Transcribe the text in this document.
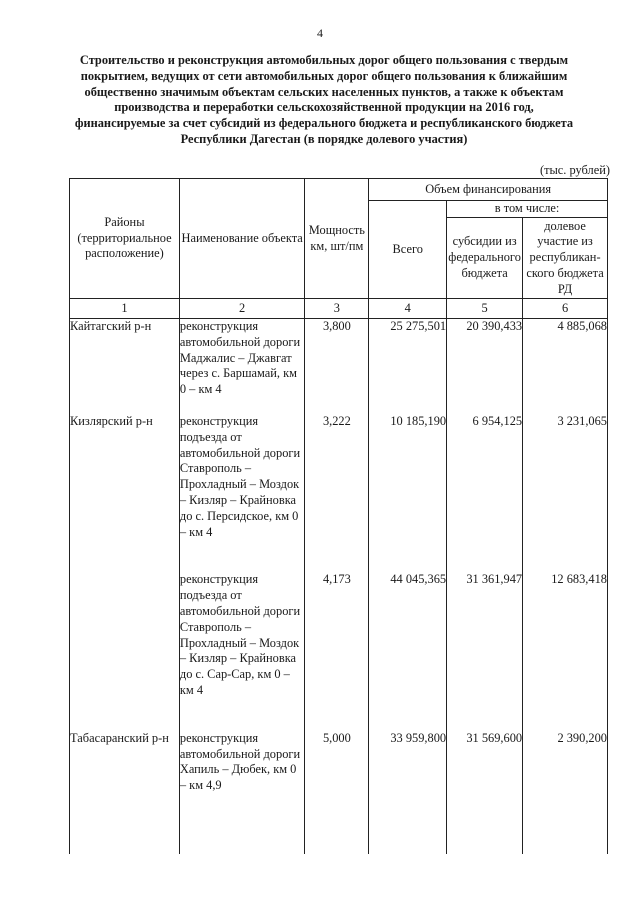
4
Строительство и реконструкция автомобильных дорог общего пользования с твердым покрытием, ведущих от сети автомобильных дорог общего пользования к ближайшим общественно значимым объектам сельских населенных пунктов, а также к объектам производства и переработки сельскохозяйственной продукции на 2016 год, финансируемые за счет субсидий из федерального бюджета и республиканского бюджета Республики Дагестан (в порядке долевого участия)
(тыс. рублей)
Районы (территориальное расположение)	Наименование объекта	Мощность км, шт/пм	Объем финансирования		
			Всего	в том числе:	
				субсидии из федерального бюджета	долевое участие из республикан-ского бюджета РД
1	2	3	4	5	6
Кайтагский р-н	реконструкция автомобильной дороги Маджалис – Джавгат через с. Баршамай, км 0 – км 4	3,800	25 275,501	20 390,433	4 885,068

Кизлярский р-н	реконструкция подъезда от автомобильной дороги Ставрополь – Прохладный – Моздок – Кизляр – Крайновка до с. Персидское, км 0 – км 4	3,222	10 185,190	6 954,125	3 231,065

	реконструкция подъезда от автомобильной дороги Ставрополь – Прохладный – Моздок – Кизляр – Крайновка до с. Сар-Сар, км 0 – км 4	4,173	44 045,365	31 361,947	12 683,418

Табасаранский р-н	реконструкция автомобильной дороги Хапиль – Дюбек, км 0 – км 4,9	5,000	33 959,800	31 569,600	2 390,200
